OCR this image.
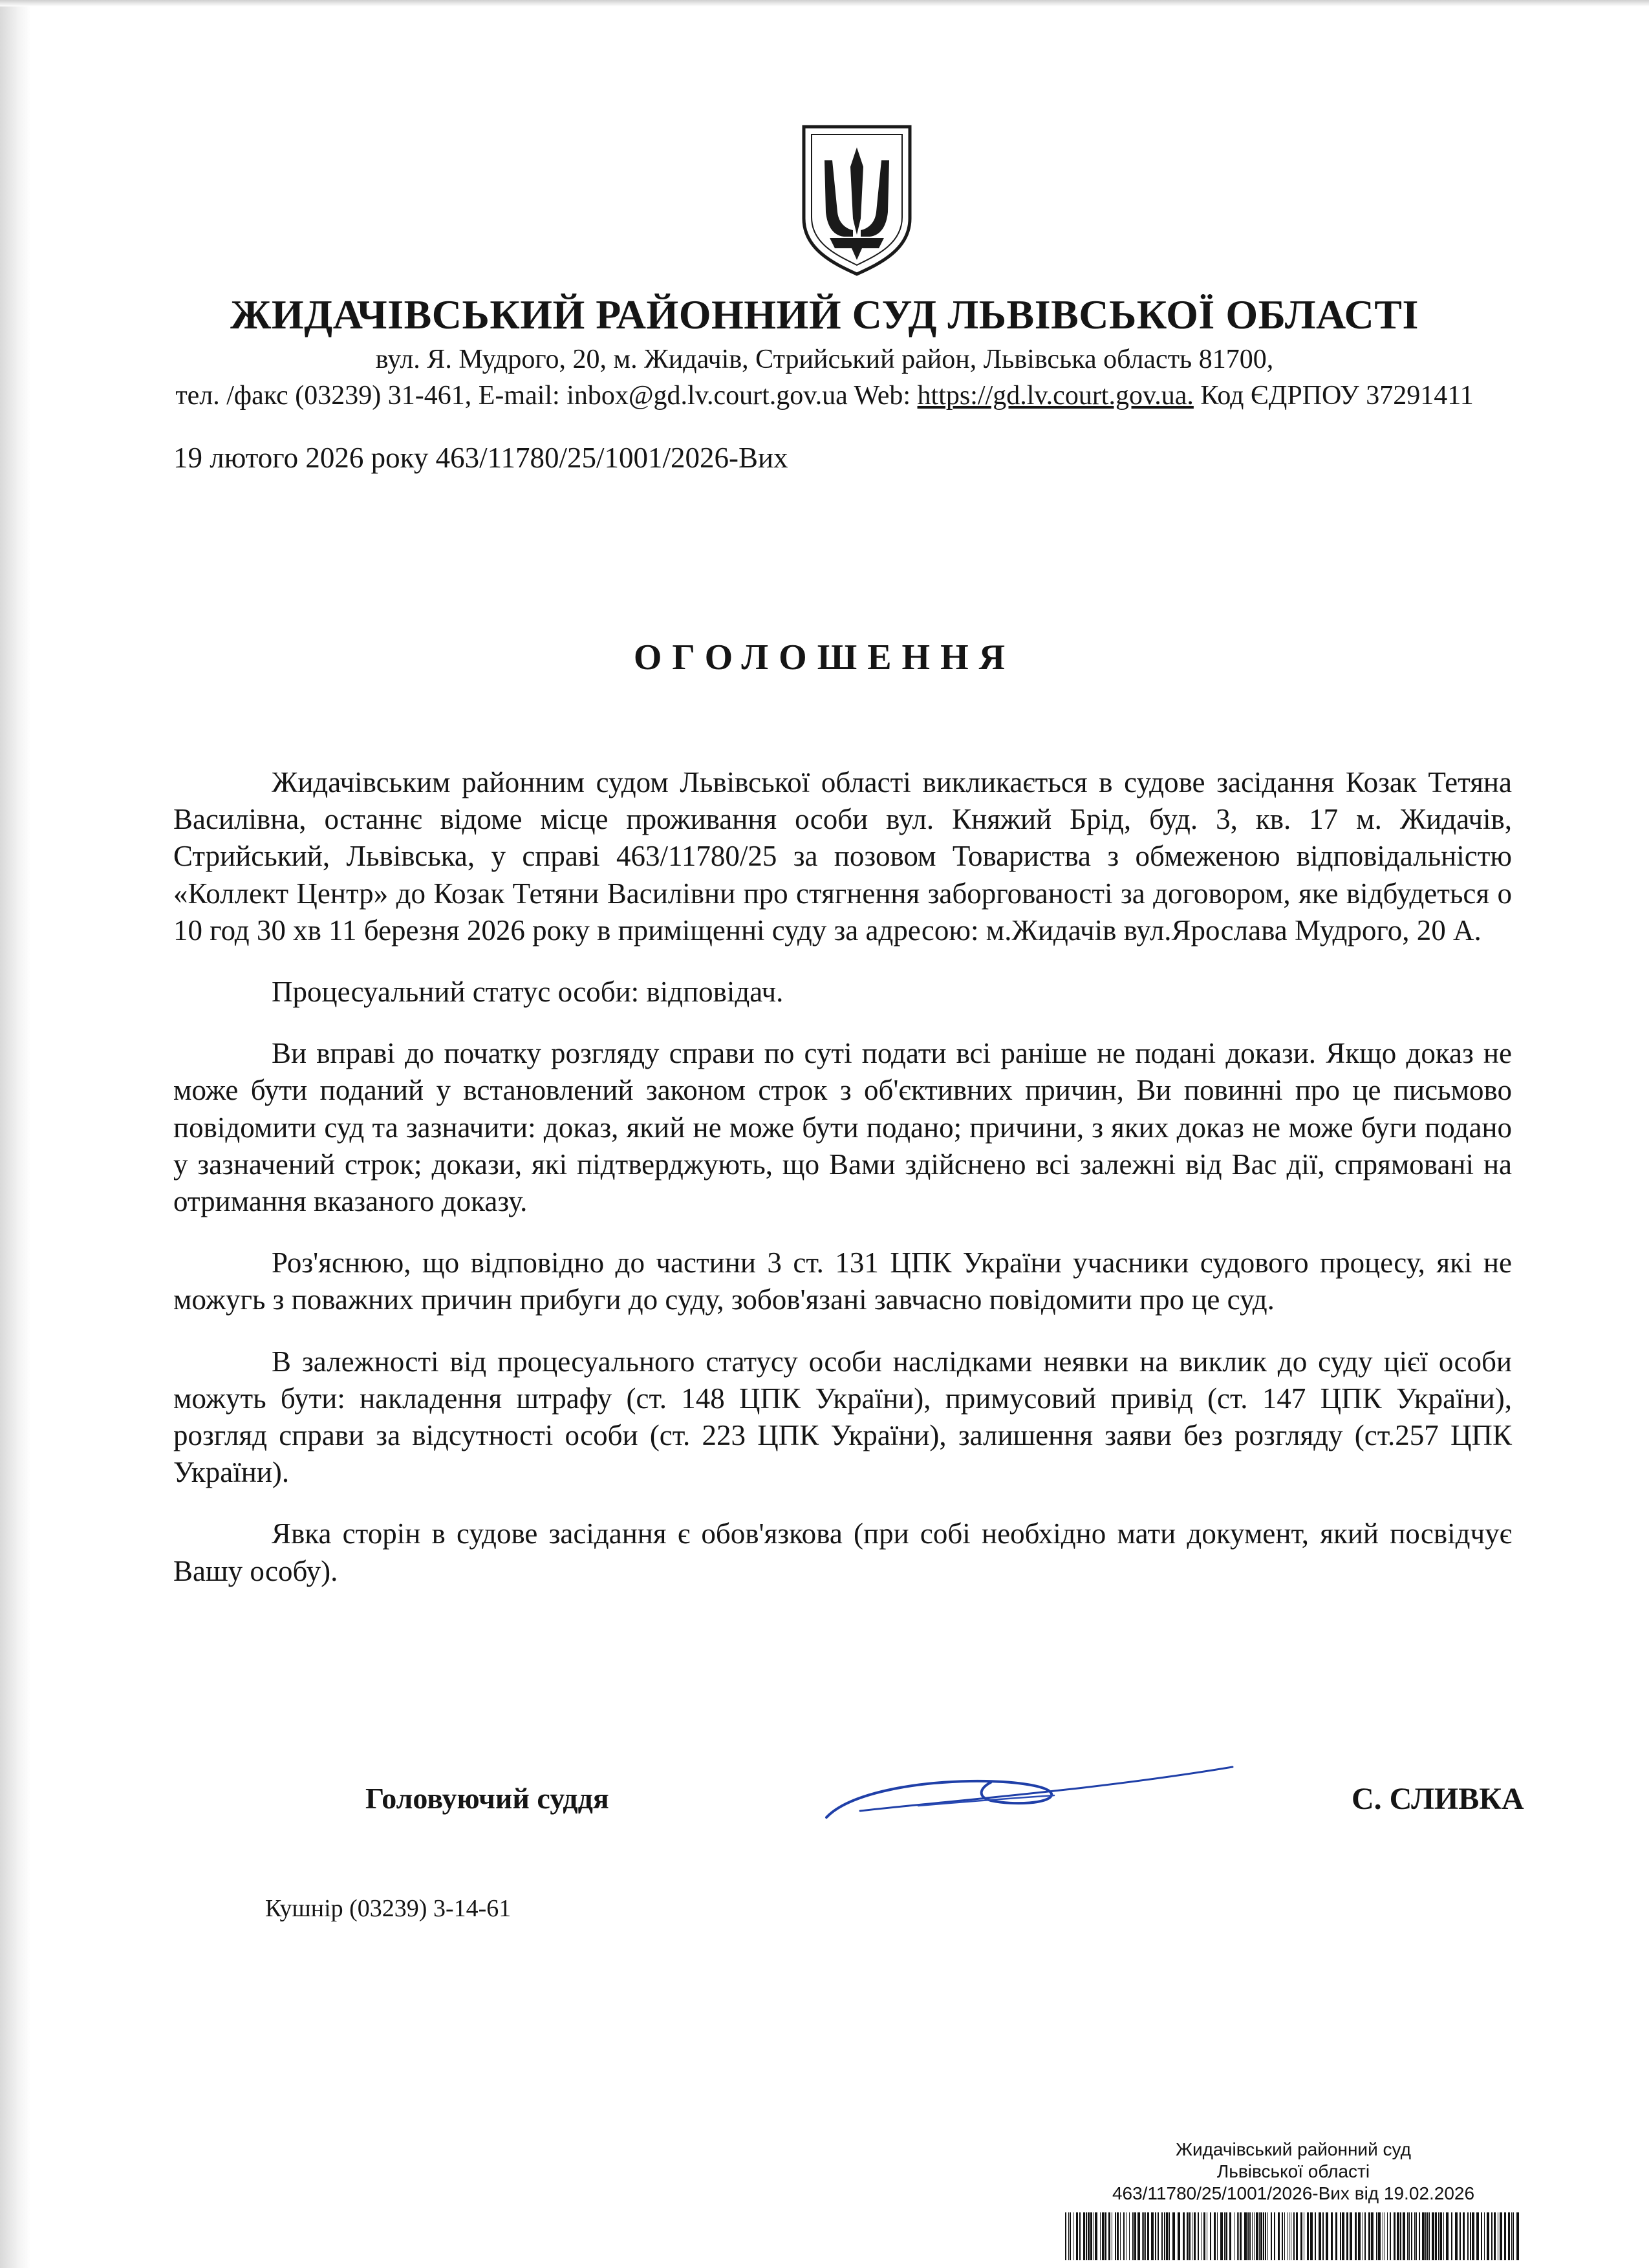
ЖИДАЧІВСЬКИЙ РАЙОННИЙ СУД ЛЬВІВСЬКОЇ ОБЛАСТІ
вул. Я. Мудрого, 20, м. Жидачів, Стрийський район, Львівська область 81700,
тел. /факс (03239) 31-461, E-mail: inbox@gd.lv.court.gov.ua Web: https://gd.lv.court.gov.ua. Код ЄДРПОУ 37291411
19 лютого 2026 року 463/11780/25/1001/2026-Вих
ОГОЛОШЕННЯ

Жидачівським районним судом Львівської області викликається в судове засідання Козак Тетяна Василівна, останнє відоме місце проживання особи вул. Княжий Брід, буд. 3, кв. 17 м. Жидачів, Стрийський, Львівська, у справі 463/11780/25 за позовом Товариства з обмеженою відповідальністю «Коллект Центр» до Козак Тетяни Василівни про стягнення заборгованості за договором, яке відбудеться о 10 год 30 хв 11 березня 2026 року в приміщенні суду за адресою: м.Жидачів вул.Ярослава Мудрого, 20 А.

Процесуальний статус особи: відповідач.

Ви вправі до початку розгляду справи по суті подати всі раніше не подані докази. Якщо доказ не може бути поданий у встановлений законом строк з об'єктивних причин, Ви повинні про це письмово повідомити суд та зазначити: доказ, який не може бути подано; причини, з яких доказ не може буги подано у зазначений строк; докази, які підтверджують, що Вами здійснено всі залежні від Вас дії, спрямовані на отримання вказаного доказу.

Роз'яснюю, що відповідно до частини 3 ст. 131 ЦПК України учасники судового процесу, які не можугь з поважних причин прибуги до суду, зобов'язані завчасно повідомити про це суд.

В залежності від процесуального статусу особи наслідками неявки на виклик до суду цієї особи можуть бути: накладення штрафу (ст. 148 ЦПК України), примусовий привід (ст. 147 ЦПК України), розгляд справи за відсутності особи (ст. 223 ЦПК України), залишення заяви без розгляду (ст.257 ЦПК України).

Явка сторін в судове засідання є обов'язкова (при собі необхідно мати документ, який посвідчує Вашу особу).

Головуючий суддя	С. СЛИВКА
Кушнір (03239) 3-14-61
Жидачівський районний суд
Львівської області
463/11780/25/1001/2026-Вих від 19.02.2026
